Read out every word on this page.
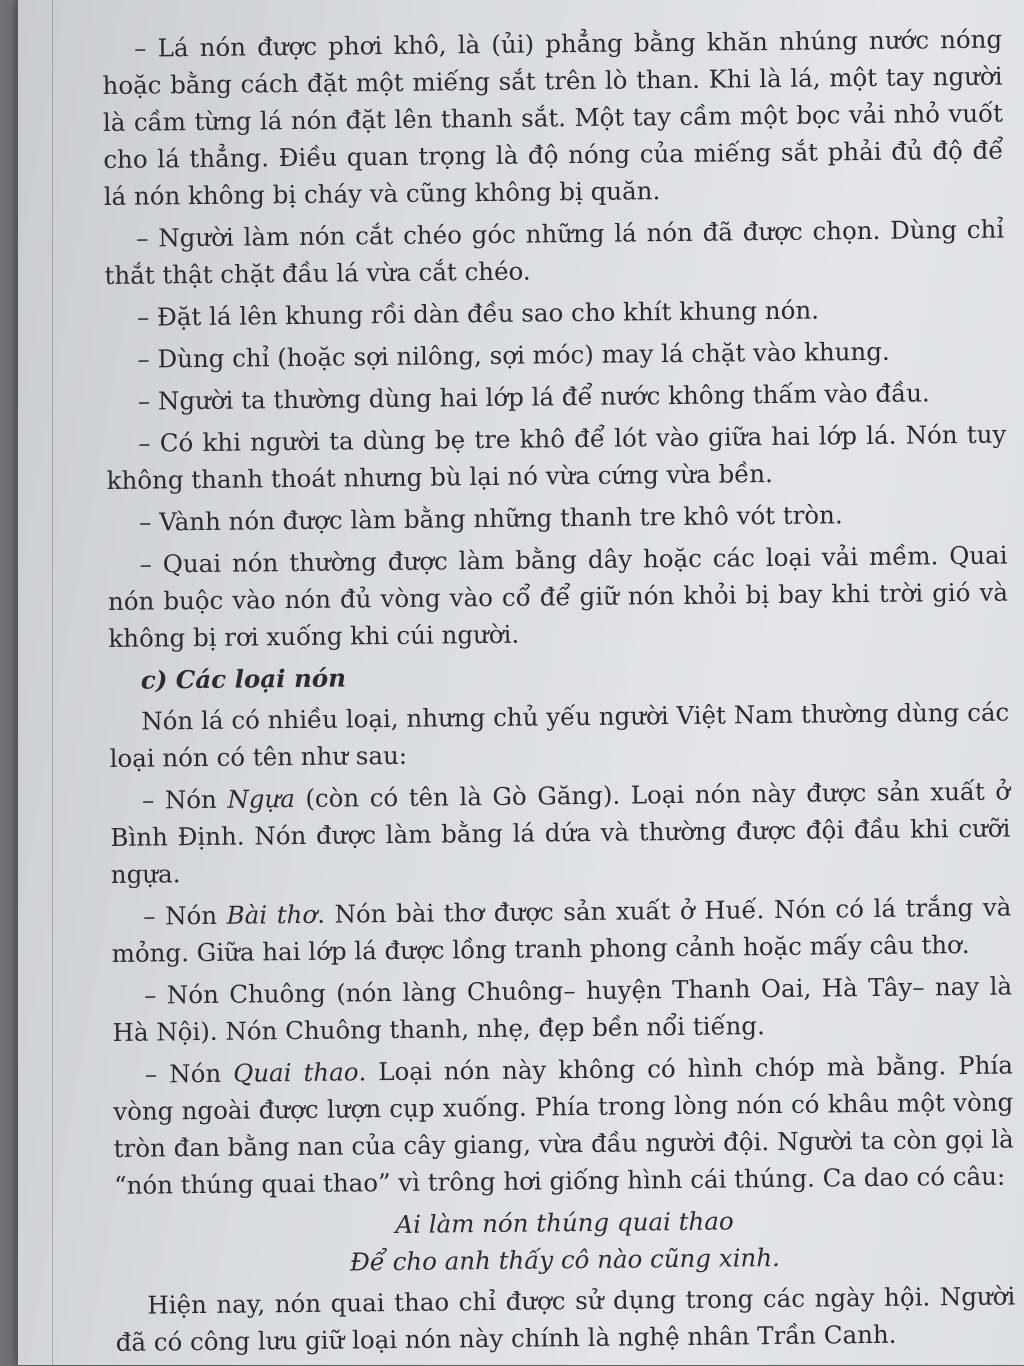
– Lá nón được phơi khô, là (ủi) phẳng bằng khăn nhúng nước nóng hoặc bằng cách đặt một miếng sắt trên lò than. Khi là lá, một tay người là cầm từng lá nón đặt lên thanh sắt. Một tay cầm một bọc vải nhỏ vuốt cho lá thẳng. Điều quan trọng là độ nóng của miếng sắt phải đủ độ để lá nón không bị cháy và cũng không bị quăn.

– Người làm nón cắt chéo góc những lá nón đã được chọn. Dùng chỉ thắt thật chặt đầu lá vừa cắt chéo.

– Đặt lá lên khung rồi dàn đều sao cho khít khung nón.

– Dùng chỉ (hoặc sợi nilông, sợi móc) may lá chặt vào khung.

– Người ta thường dùng hai lớp lá để nước không thấm vào đầu.

– Có khi người ta dùng bẹ tre khô để lót vào giữa hai lớp lá. Nón tuy không thanh thoát nhưng bù lại nó vừa cứng vừa bền.

– Vành nón được làm bằng những thanh tre khô vót tròn.

– Quai nón thường được làm bằng dây hoặc các loại vải mềm. Quai nón buộc vào nón đủ vòng vào cổ để giữ nón khỏi bị bay khi trời gió và không bị rơi xuống khi cúi người.

c) Các loại nón

Nón lá có nhiều loại, nhưng chủ yếu người Việt Nam thường dùng các loại nón có tên như sau:

– Nón Ngựa (còn có tên là Gò Găng). Loại nón này được sản xuất ở Bình Định. Nón được làm bằng lá dứa và thường được đội đầu khi cưỡi ngựa.

– Nón Bài thơ. Nón bài thơ được sản xuất ở Huế. Nón có lá trắng và mỏng. Giữa hai lớp lá được lồng tranh phong cảnh hoặc mấy câu thơ.

– Nón Chuông (nón làng Chuông– huyện Thanh Oai, Hà Tây– nay là Hà Nội). Nón Chuông thanh, nhẹ, đẹp bền nổi tiếng.

– Nón Quai thao. Loại nón này không có hình chóp mà bằng. Phía vòng ngoài được lượn cụp xuống. Phía trong lòng nón có khâu một vòng tròn đan bằng nan của cây giang, vừa đầu người đội. Người ta còn gọi là “nón thúng quai thao” vì trông hơi giống hình cái thúng. Ca dao có câu:

Ai làm nón thúng quai thao
Để cho anh thấy cô nào cũng xinh.

Hiện nay, nón quai thao chỉ được sử dụng trong các ngày hội. Người đã có công lưu giữ loại nón này chính là nghệ nhân Trần Canh.
